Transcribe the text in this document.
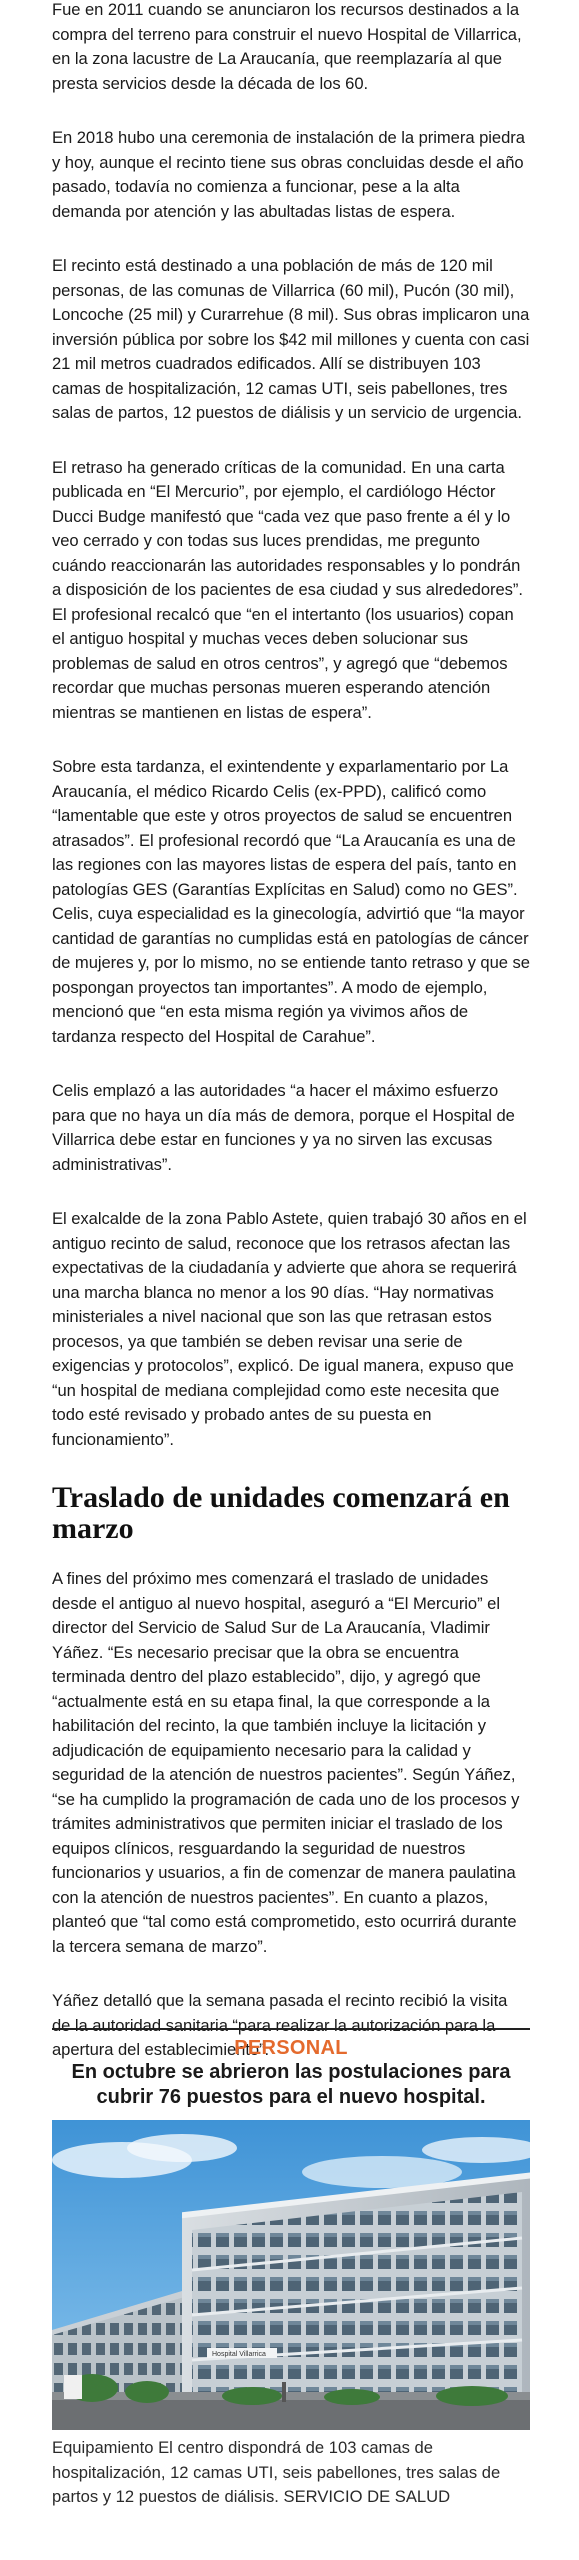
Fue en 2011 cuando se anunciaron los recursos destinados a la compra del terreno para construir el nuevo Hospital de Villarrica, en la zona lacustre de La Araucanía, que reemplazaría al que presta servicios desde la década de los 60.

En 2018 hubo una ceremonia de instalación de la primera piedra y hoy, aunque el recinto tiene sus obras concluidas desde el año pasado, todavía no comienza a funcionar, pese a la alta demanda por atención y las abultadas listas de espera.

El recinto está destinado a una población de más de 120 mil personas, de las comunas de Villarrica (60 mil), Pucón (30 mil), Loncoche (25 mil) y Curarrehue (8 mil). Sus obras implicaron una inversión pública por sobre los $42 mil millones y cuenta con casi 21 mil metros cuadrados edificados. Allí se distribuyen 103 camas de hospitalización, 12 camas UTI, seis pabellones, tres salas de partos, 12 puestos de diálisis y un servicio de urgencia.

El retraso ha generado críticas de la comunidad. En una carta publicada en “El Mercurio”, por ejemplo, el cardiólogo Héctor Ducci Budge manifestó que “cada vez que paso frente a él y lo veo cerrado y con todas sus luces prendidas, me pregunto cuándo reaccionarán las autoridades responsables y lo pondrán a disposición de los pacientes de esa ciudad y sus alrededores”. El profesional recalcó que “en el intertanto (los usuarios) copan el antiguo hospital y muchas veces deben solucionar sus problemas de salud en otros centros”, y agregó que “debemos recordar que muchas personas mueren esperando atención mientras se mantienen en listas de espera”.

Sobre esta tardanza, el exintendente y exparlamentario por La Araucanía, el médico Ricardo Celis (ex-PPD), calificó como “lamentable que este y otros proyectos de salud se encuentren atrasados”. El profesional recordó que “La Araucanía es una de las regiones con las mayores listas de espera del país, tanto en patologías GES (Garantías Explícitas en Salud) como no GES”. Celis, cuya especialidad es la ginecología, advirtió que “la mayor cantidad de garantías no cumplidas está en patologías de cáncer de mujeres y, por lo mismo, no se entiende tanto retraso y que se pospongan proyectos tan importantes”. A modo de ejemplo, mencionó que “en esta misma región ya vivimos años de tardanza respecto del Hospital de Carahue”.

Celis emplazó a las autoridades “a hacer el máximo esfuerzo para que no haya un día más de demora, porque el Hospital de Villarrica debe estar en funciones y ya no sirven las excusas administrativas”.

El exalcalde de la zona Pablo Astete, quien trabajó 30 años en el antiguo recinto de salud, reconoce que los retrasos afectan las expectativas de la ciudadanía y advierte que ahora se requerirá una marcha blanca no menor a los 90 días. “Hay normativas ministeriales a nivel nacional que son las que retrasan estos procesos, ya que también se deben revisar una serie de exigencias y protocolos”, explicó. De igual manera, expuso que “un hospital de mediana complejidad como este necesita que todo esté revisado y probado antes de su puesta en funcionamiento”.

Traslado de unidades comenzará en marzo

A fines del próximo mes comenzará el traslado de unidades desde el antiguo al nuevo hospital, aseguró a “El Mercurio” el director del Servicio de Salud Sur de La Araucanía, Vladimir Yáñez. “Es necesario precisar que la obra se encuentra terminada dentro del plazo establecido”, dijo, y agregó que “actualmente está en su etapa final, la que corresponde a la habilitación del recinto, la que también incluye la licitación y adjudicación de equipamiento necesario para la calidad y seguridad de la atención de nuestros pacientes”. Según Yáñez, “se ha cumplido la programación de cada uno de los procesos y trámites administrativos que permiten iniciar el traslado de los equipos clínicos, resguardando la seguridad de nuestros funcionarios y usuarios, a fin de comenzar de manera paulatina con la atención de nuestros pacientes”. En cuanto a plazos, planteó que “tal como está comprometido, esto ocurrirá durante la tercera semana de marzo”.

Yáñez detalló que la semana pasada el recinto recibió la visita de la autoridad sanitaria “para realizar la autorización para la apertura del establecimiento”.

PERSONAL
En octubre se abrieron las postulaciones para cubrir 76 puestos para el nuevo hospital.
Hospital Villarrica
Equipamiento El centro dispondrá de 103 camas de hospitalización, 12 camas UTI, seis pabellones, tres salas de partos y 12 puestos de diálisis. SERVICIO DE SALUD
